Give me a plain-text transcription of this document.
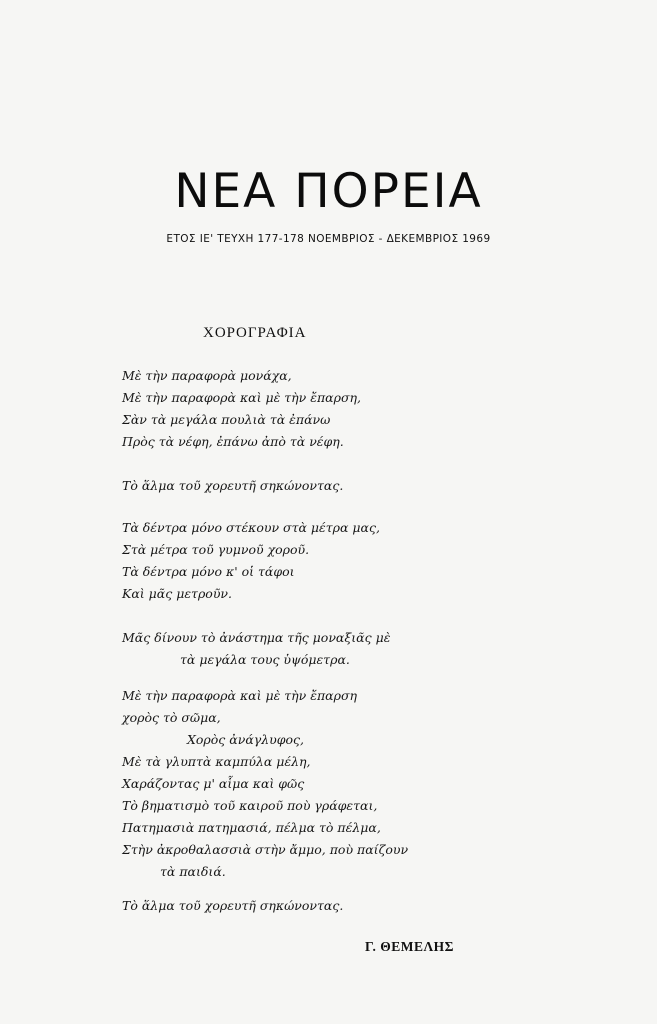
ΝΕΑ ΠΟΡΕΙΑ
ΕΤΟΣ ΙΕ' ΤΕΥΧΗ 177-178 ΝΟΕΜΒΡΙΟΣ - ΔΕΚΕΜΒΡΙΟΣ 1969
ΧΟΡΟΓΡΑΦΙΑ
Μὲ τὴν παραφορὰ μονάχα,
Μὲ τὴν παραφορὰ καὶ μὲ τὴν ἔπαρση,
Σὰν τὰ μεγάλα πουλιὰ τὰ ἐπάνω
Πρὸς τὰ νέφη, ἐπάνω ἀπὸ τὰ νέφη.
Τὸ ἅλμα τοῦ χορευτῆ σηκώνοντας.
Τὰ δέντρα μόνο στέκουν στὰ μέτρα μας,
Στὰ μέτρα τοῦ γυμνοῦ χοροῦ.
Τὰ δέντρα μόνο κ' οἱ τάφοι
Καὶ μᾶς μετροῦν.
Μᾶς δίνουν τὸ ἀνάστημα τῆς μοναξιᾶς μὲ
τὰ μεγάλα τους ὑψόμετρα.
Μὲ τὴν παραφορὰ καὶ μὲ τὴν ἔπαρση
χορὸς τὸ σῶμα,
Χορὸς ἀνάγλυφος,
Μὲ τὰ γλυπτὰ καμπύλα μέλη,
Χαράζοντας μ' αἷμα καὶ φῶς
Τὸ βηματισμὸ τοῦ καιροῦ ποὺ γράφεται,
Πατημασιὰ πατημασιά, πέλμα τὸ πέλμα,
Στὴν ἀκροθαλασσιὰ στὴν ἄμμο, ποὺ παίζουν
τὰ παιδιά.
Τὸ ἅλμα τοῦ χορευτῆ σηκώνοντας.
Γ. ΘΕΜΕΛΗΣ
